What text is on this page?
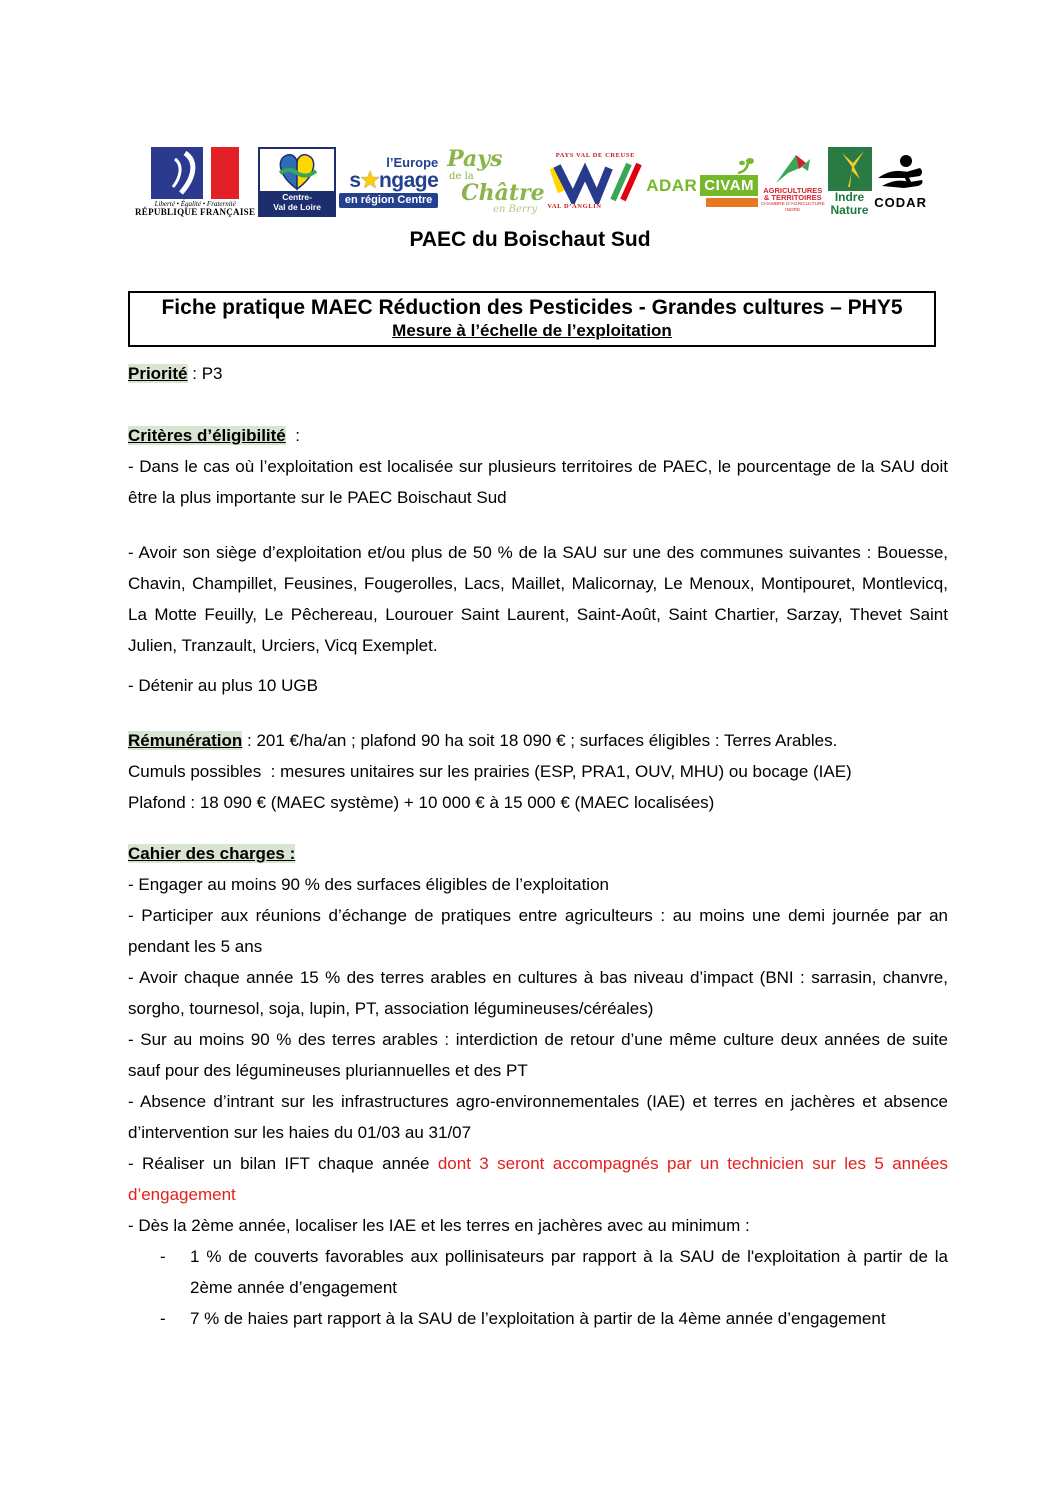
Liberté • Égalité • Fraternité
RÉPUBLIQUE FRANÇAISE
Centre-
Val de Loire
l’Europe
s★ngage
en région Centre
Pays
de la
Châtre
en Berry
PAYS VAL DE CREUSE
VAL D’ANGLIN
ADAR CIVAM	AGRICULTURES
& TERRITOIRES
CHAMBRE D’AGRICULTURE
INDRE
Indre
Nature CODAR
PAEC du Boischaut Sud
Fiche pratique MAEC Réduction des Pesticides - Grandes cultures – PHY5
Mesure à l’échelle de l’exploitation

Priorité : P3

Critères d’éligibilité  :

- Dans le cas où l’exploitation est localisée sur plusieurs territoires de PAEC, le pourcentage de la SAU doit être la plus importante sur le PAEC Boischaut Sud

- Avoir son siège d’exploitation et/ou plus de 50 % de la SAU sur une des communes suivantes : Bouesse, Chavin, Champillet, Feusines, Fougerolles, Lacs, Maillet, Malicornay, Le Menoux, Montipouret, Montlevicq, La Motte Feuilly, Le Pêchereau, Lourouer Saint Laurent, Saint-Août, Saint Chartier, Sarzay, Thevet Saint Julien, Tranzault, Urciers, Vicq Exemplet.

- Détenir au plus 10 UGB

Rémunération : 201 €/ha/an ; plafond 90 ha soit 18 090 € ; surfaces éligibles : Terres Arables.

Cumuls possibles  : mesures unitaires sur les prairies (ESP, PRA1, OUV, MHU) ou bocage (IAE)

Plafond : 18 090 € (MAEC système) + 10 000 € à 15 000 € (MAEC localisées)

Cahier des charges :

- Engager au moins 90 % des surfaces éligibles de l’exploitation

- Participer aux réunions d’échange de pratiques entre agriculteurs : au moins une demi journée par an pendant les 5 ans

- Avoir chaque année 15 % des terres arables en cultures à bas niveau d’impact (BNI : sarrasin, chanvre, sorgho, tournesol, soja, lupin, PT, association légumineuses/céréales)

- Sur au moins 90 % des terres arables : interdiction de retour d’une même culture deux années de suite sauf pour des légumineuses pluriannuelles et des PT

- Absence d’intrant sur les infrastructures agro-environnementales (IAE) et terres en jachères et absence d’intervention sur les haies du 01/03 au 31/07

- Réaliser un bilan IFT chaque année dont 3 seront accompagnés par un technicien sur les 5 années d’engagement

- Dès la 2ème année, localiser les IAE et les terres en jachères avec au minimum :

- 1 % de couverts favorables aux pollinisateurs par rapport à la SAU de l'exploitation à partir de la 2ème année d’engagement

- 7 % de haies part rapport à la SAU de l’exploitation à partir de la 4ème année d’engagement
